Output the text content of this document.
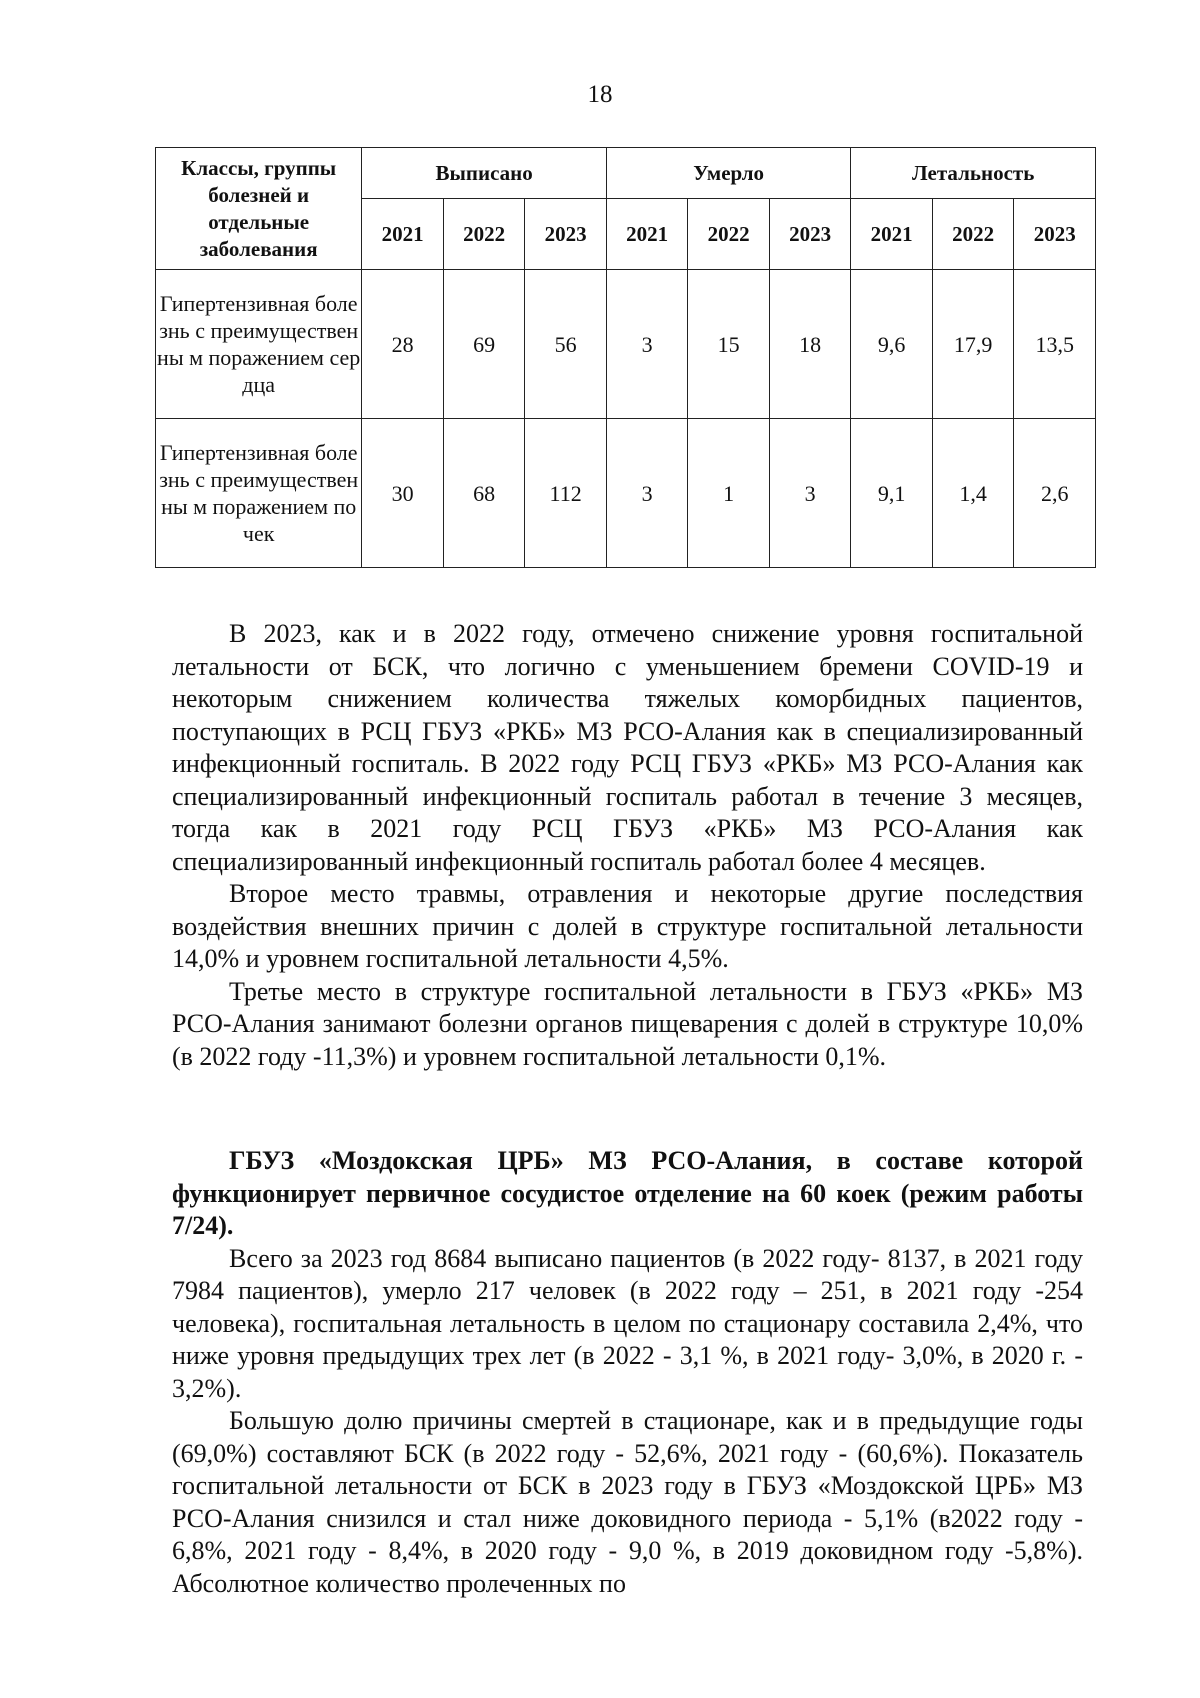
18
Классы, группы болезней и отдельные заболевания	Выписано			Умерло			Летальность		
	2021	2022	2023	2021	2022	2023	2021	2022	2023
Гипертензивная болезнь с преимущественны м поражением сердца	28	69	56	3	15	18	9,6	17,9	13,5
Гипертензивная болезнь с преимущественны м поражением почек	30	68	112	3	1	3	9,1	1,4	2,6

В 2023, как и в 2022 году, отмечено снижение уровня госпитальной летальности от БСК, что логично с уменьшением бремени COVID-19 и некоторым снижением количества тяжелых коморбидных пациентов, поступающих в РСЦ ГБУЗ «РКБ» МЗ РСО-Алания как в специализированный инфекционный госпиталь. В 2022 году РСЦ ГБУЗ «РКБ» МЗ РСО-Алания как специализированный инфекционный госпиталь работал в течение 3 месяцев, тогда как в 2021 году РСЦ ГБУЗ «РКБ» МЗ РСО-Алания как специализированный инфекционный госпиталь работал более 4 месяцев.

Второе место травмы, отравления и некоторые другие последствия воздействия внешних причин с долей в структуре госпитальной летальности 14,0% и уровнем госпитальной летальности 4,5%.

Третье место в структуре госпитальной летальности в ГБУЗ «РКБ» МЗ РСО-Алания занимают болезни органов пищеварения с долей в структуре 10,0% (в 2022 году -11,3%) и уровнем госпитальной летальности 0,1%.

ГБУЗ «Моздокская ЦРБ» МЗ РСО-Алания, в составе которой функционирует первичное сосудистое отделение на 60 коек (режим работы 7/24).

Всего за 2023 год 8684 выписано пациентов (в 2022 году- 8137, в 2021 году 7984 пациентов), умерло 217 человек (в 2022 году – 251, в 2021 году -254 человека), госпитальная летальность в целом по стационару составила 2,4%, что ниже уровня предыдущих трех лет (в 2022 - 3,1 %, в 2021 году- 3,0%, в 2020 г. - 3,2%).

Большую долю причины смертей в стационаре, как и в предыдущие годы (69,0%) составляют БСК (в 2022 году - 52,6%, 2021 году - (60,6%). Показатель госпитальной летальности от БСК в 2023 году в ГБУЗ «Моздокской ЦРБ» МЗ РСО-Алания снизился и стал ниже доковидного периода - 5,1% (в2022 году - 6,8%, 2021 году - 8,4%, в 2020 году - 9,0 %, в 2019 доковидном году -5,8%). Абсолютное количество пролеченных по
